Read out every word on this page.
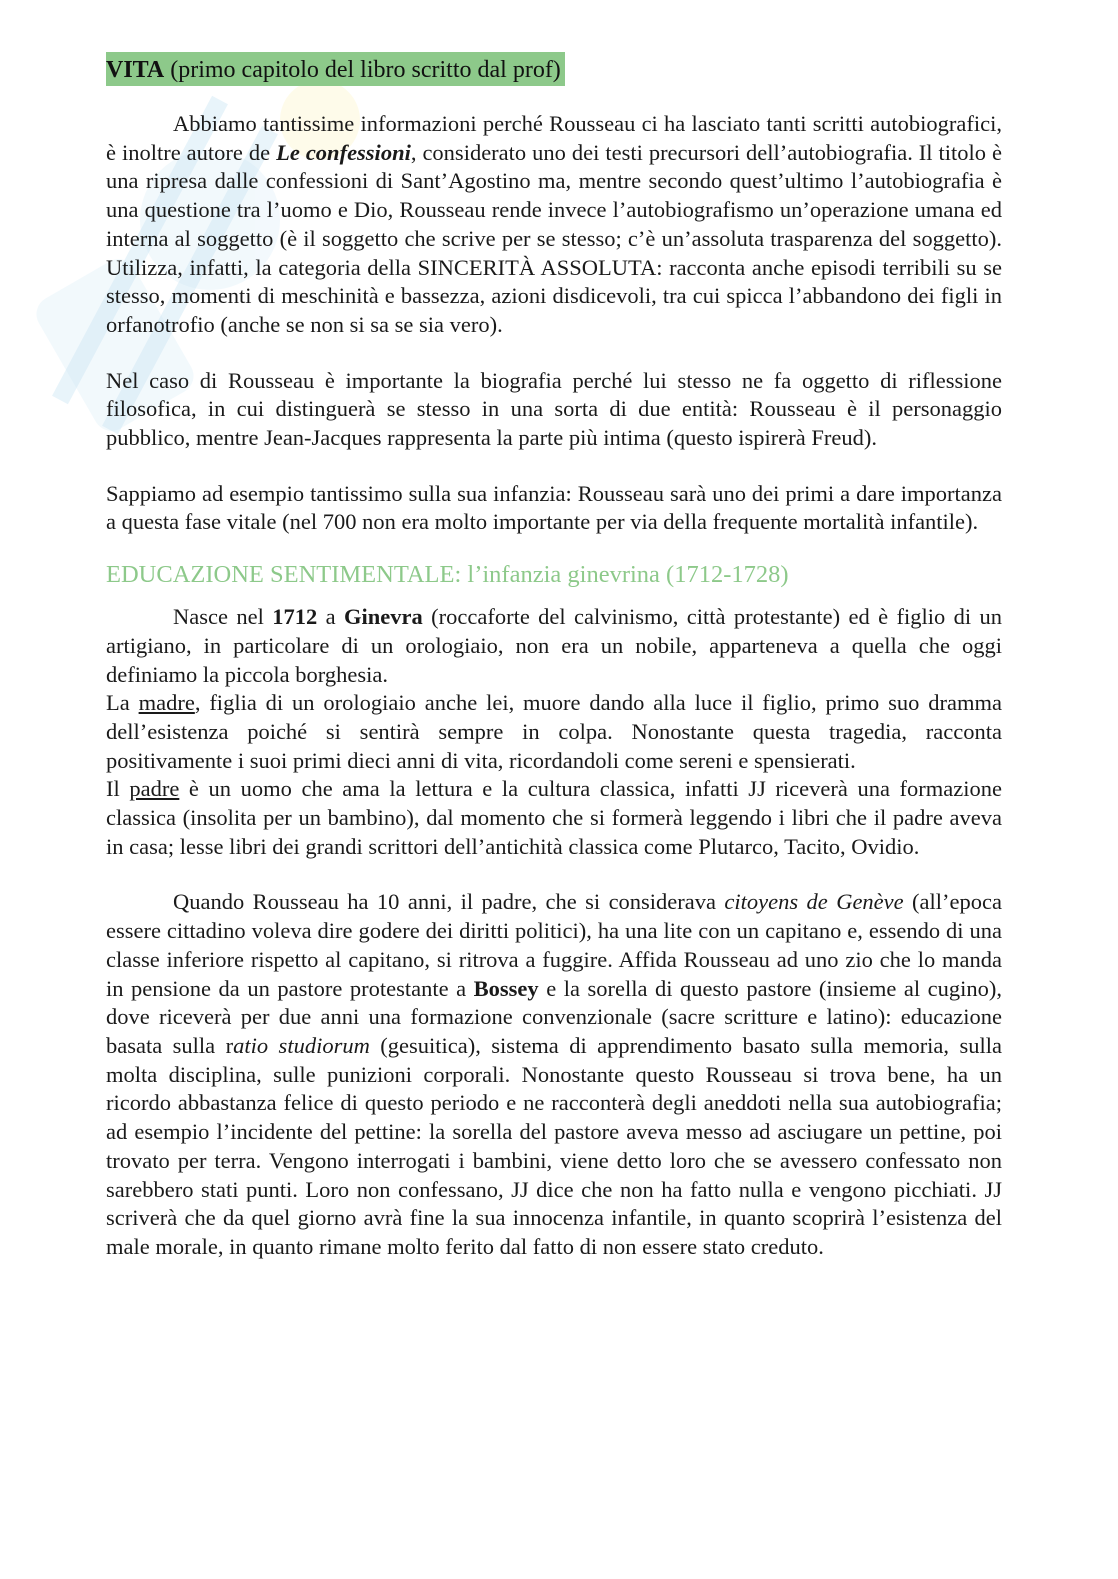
VITA (primo capitolo del libro scritto dal prof)

Abbiamo tantissime informazioni perché Rousseau ci ha lasciato tanti scritti autobiografici, è inoltre autore de Le confessioni, considerato uno dei testi precursori dell’autobiografia. Il titolo è una ripresa dalle confessioni di Sant’Agostino ma, mentre secondo quest’ultimo l’autobiografia è una questione tra l’uomo e Dio, Rousseau rende invece l’autobiografismo un’operazione umana ed interna al soggetto (è il soggetto che scrive per se stesso; c’è un’assoluta trasparenza del soggetto). Utilizza, infatti, la categoria della SINCERITÀ ASSOLUTA: racconta anche episodi terribili su se stesso, momenti di meschinità e bassezza, azioni disdicevoli, tra cui spicca l’abbandono dei figli in orfanotrofio (anche se non si sa se sia vero).

Nel caso di Rousseau è importante la biografia perché lui stesso ne fa oggetto di riflessione filosofica, in cui distinguerà se stesso in una sorta di due entità: Rousseau è il personaggio pubblico, mentre Jean-Jacques rappresenta la parte più intima (questo ispirerà Freud).

Sappiamo ad esempio tantissimo sulla sua infanzia: Rousseau sarà uno dei primi a dare importanza a questa fase vitale (nel 700 non era molto importante per via della frequente mortalità infantile).

EDUCAZIONE SENTIMENTALE: l’infanzia ginevrina (1712-1728)

Nasce nel 1712 a Ginevra (roccaforte del calvinismo, città protestante) ed è figlio di un artigiano, in particolare di un orologiaio, non era un nobile, apparteneva a quella che oggi definiamo la piccola borghesia.

La madre, figlia di un orologiaio anche lei, muore dando alla luce il figlio, primo suo dramma dell’esistenza poiché si sentirà sempre in colpa. Nonostante questa tragedia, racconta positivamente i suoi primi dieci anni di vita, ricordandoli come sereni e spensierati.

Il padre è un uomo che ama la lettura e la cultura classica, infatti JJ riceverà una formazione classica (insolita per un bambino), dal momento che si formerà leggendo i libri che il padre aveva in casa; lesse libri dei grandi scrittori dell’antichità classica come Plutarco, Tacito, Ovidio.

Quando Rousseau ha 10 anni, il padre, che si considerava citoyens de Genève (all’epoca essere cittadino voleva dire godere dei diritti politici), ha una lite con un capitano e, essendo di una classe inferiore rispetto al capitano, si ritrova a fuggire. Affida Rousseau ad uno zio che lo manda in pensione da un pastore protestante a Bossey e la sorella di questo pastore (insieme al cugino), dove riceverà per due anni una formazione convenzionale (sacre scritture e latino): educazione basata sulla ratio studiorum (gesuitica), sistema di apprendimento basato sulla memoria, sulla molta disciplina, sulle punizioni corporali. Nonostante questo Rousseau si trova bene, ha un ricordo abbastanza felice di questo periodo e ne racconterà degli aneddoti nella sua autobiografia; ad esempio l’incidente del pettine: la sorella del pastore aveva messo ad asciugare un pettine, poi trovato per terra. Vengono interrogati i bambini, viene detto loro che se avessero confessato non sarebbero stati punti. Loro non confessano, JJ dice che non ha fatto nulla e vengono picchiati. JJ scriverà che da quel giorno avrà fine la sua innocenza infantile, in quanto scoprirà l’esistenza del male morale, in quanto rimane molto ferito dal fatto di non essere stato creduto.
